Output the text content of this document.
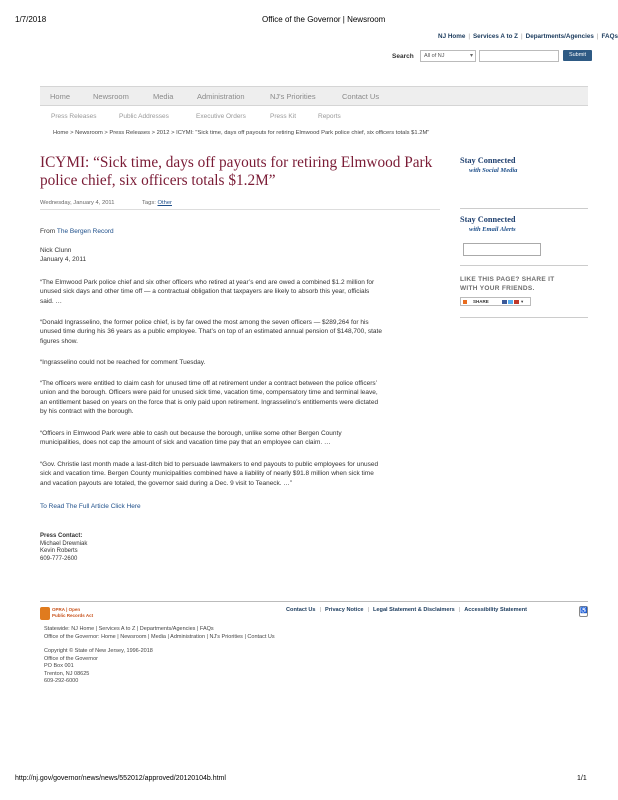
1/7/2018	Office of the Governor | Newsroom
NJ Home | Services A to Z | Departments/Agencies | FAQs
Search	All of NJ	▾	Submit
Home	Newsroom	Media	Administration	NJ's Priorities	Contact Us
Press Releases	Public Addresses	Executive Orders	Press Kit	Reports
Home > Newsroom > Press Releases > 2012 > ICYMI: "Sick time, days off payouts for retiring Elmwood Park police chief, six officers totals $1.2M"
ICYMI: “Sick time, days off payouts for retiring Elmwood Park
police chief, six officers totals $1.2M”
Wednesday, January 4, 2011	Tags: Other
From The Bergen Record
Nick Clunn
January 4, 2011
“The Elmwood Park police chief and six other officers who retired at year’s end are owed a combined $1.2 million for
unused sick days and other time off — a contractual obligation that taxpayers are likely to absorb this year, officials
said. …
“Donald Ingrasselino, the former police chief, is by far owed the most among the seven officers — $289,264 for his
unused time during his 36 years as a public employee. That’s on top of an estimated annual pension of $148,700, state
figures show.
“Ingrasselino could not be reached for comment Tuesday.
“The officers were entitled to claim cash for unused time off at retirement under a contract between the police officers’
union and the borough. Officers were paid for unused sick time, vacation time, compensatory time and terminal leave,
an entitlement based on years on the force that is only paid upon retirement. Ingrasselino’s entitlements were dictated
by his contract with the borough.
“Officers in Elmwood Park were able to cash out because the borough, unlike some other Bergen County
municipalities, does not cap the amount of sick and vacation time pay that an employee can claim. …
“Gov. Christie last month made a last-ditch bid to persuade lawmakers to end payouts to public employees for unused
sick and vacation time. Bergen County municipalities combined have a liability of nearly $91.8 million when sick time
and vacation payouts are totaled, the governor said during a Dec. 9 visit to Teaneck. …”
To Read The Full Article Click Here
Press Contact:
Michael Drewniak
Kevin Roberts
609-777-2600
Stay Connected
with Social Media
Stay Connected
with Email Alerts
LIKE THIS PAGE? SHARE IT
WITH YOUR FRIENDS.
SHARE	▾
OPRA | Open
Public Records Act
Contact Us | Privacy Notice | Legal Statement & Disclaimers | Accessibility Statement	♿
Statewide: NJ Home | Services A to Z | Departments/Agencies | FAQs
Office of the Governor: Home | Newsroom | Media | Administration | NJ's Priorities | Contact Us
Copyright © State of New Jersey, 1996-2018
Office of the Governor
PO Box 001
Trenton, NJ 08625
609-292-6000
http://nj.gov/governor/news/news/552012/approved/20120104b.html	1/1
